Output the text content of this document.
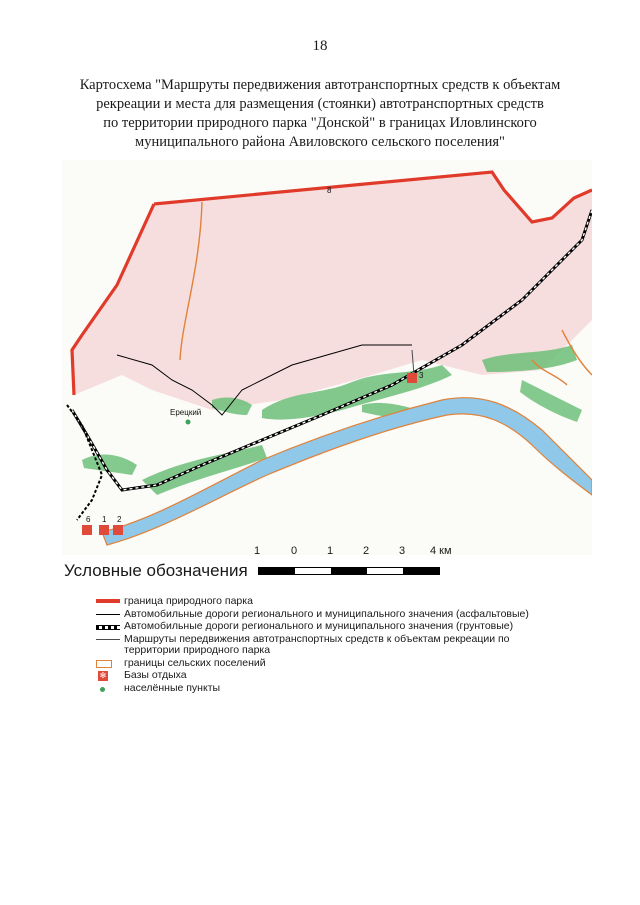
18
Картосхема "Маршруты передвижения автотранспортных средств к объектам
рекреации и места для размещения (стоянки) автотранспортных средств
по территории природного парка "Донской" в границах Иловлинского
муниципального района Авиловского сельского поселения"
Ерецкий
8
3
6 1 2
1	0	1	2	3 4 км
Условные обозначения
граница природного парка
Автомобильные дороги регионального и муниципального значения (асфальтовые)
Автомобильные дороги регионального и муниципального значения (грунтовые)
Маршруты передвижения автотранспортных средств к объектам рекреации по территории природного парка
границы сельских поселений
✻ Базы отдыха
населённые пункты
